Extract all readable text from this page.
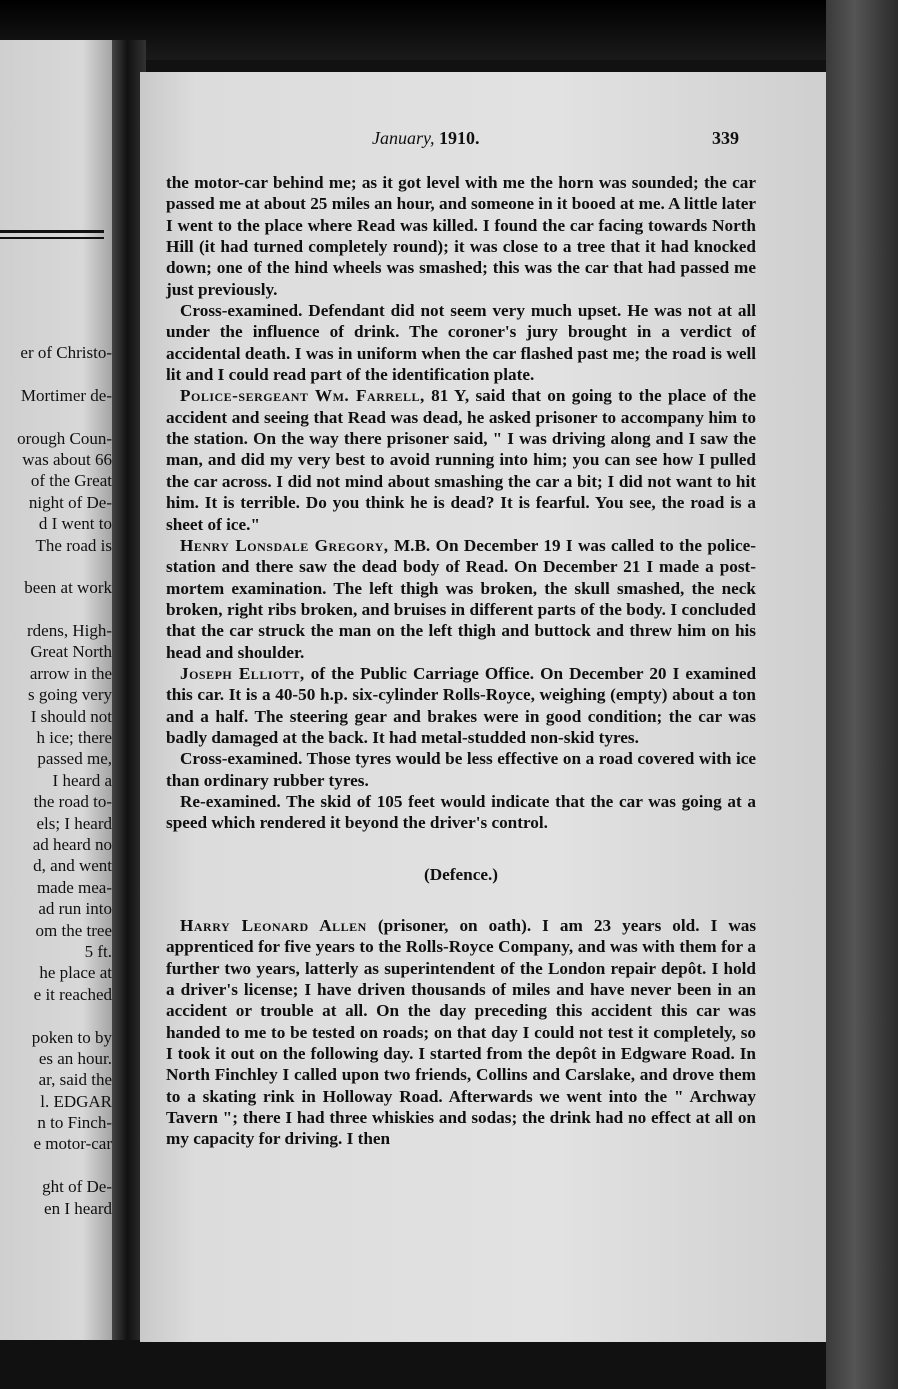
er of Christo-
Mortimer de-
orough Coun-
was about 66
of the Great
night of De-
d I went to
The road is
been at work
rdens, High-
Great North
arrow in the
s going very
I should not
h ice; there
passed me,
I heard a
the road to-
els; I heard
ad heard no
d, and went
made mea-
ad run into
om the tree
5 ft.
he place at
e it reached
poken to by
es an hour.
ar, said the
l. EDGAR
n to Finch-
e motor-car
ght of De-
en I heard
January, 1910.	339

the motor-car behind me; as it got level with me the horn was sounded; the car passed me at about 25 miles an hour, and someone in it booed at me. A little later I went to the place where Read was killed. I found the car facing towards North Hill (it had turned completely round); it was close to a tree that it had knocked down; one of the hind wheels was smashed; this was the car that had passed me just previously.

Cross-examined. Defendant did not seem very much upset. He was not at all under the influence of drink. The coroner's jury brought in a verdict of accidental death. I was in uniform when the car flashed past me; the road is well lit and I could read part of the identification plate.

Police-sergeant Wm. Farrell, 81 Y, said that on going to the place of the accident and seeing that Read was dead, he asked prisoner to accompany him to the station. On the way there prisoner said, " I was driving along and I saw the man, and did my very best to avoid running into him; you can see how I pulled the car across. I did not mind about smashing the car a bit; I did not want to hit him. It is terrible. Do you think he is dead? It is fearful. You see, the road is a sheet of ice."

Henry Lonsdale Gregory, M.B. On December 19 I was called to the police-station and there saw the dead body of Read. On December 21 I made a post-mortem examination. The left thigh was broken, the skull smashed, the neck broken, right ribs broken, and bruises in different parts of the body. I concluded that the car struck the man on the left thigh and buttock and threw him on his head and shoulder.

Joseph Elliott, of the Public Carriage Office. On December 20 I examined this car. It is a 40-50 h.p. six-cylinder Rolls-Royce, weighing (empty) about a ton and a half. The steering gear and brakes were in good condition; the car was badly damaged at the back. It had metal-studded non-skid tyres.

Cross-examined. Those tyres would be less effective on a road covered with ice than ordinary rubber tyres.

Re-examined. The skid of 105 feet would indicate that the car was going at a speed which rendered it beyond the driver's control.

(Defence.)

Harry Leonard Allen (prisoner, on oath). I am 23 years old. I was apprenticed for five years to the Rolls-Royce Company, and was with them for a further two years, latterly as superintendent of the London repair depôt. I hold a driver's license; I have driven thousands of miles and have never been in an accident or trouble at all. On the day preceding this accident this car was handed to me to be tested on roads; on that day I could not test it completely, so I took it out on the following day. I started from the depôt in Edgware Road. In North Finchley I called upon two friends, Collins and Carslake, and drove them to a skating rink in Holloway Road. Afterwards we went into the " Archway Tavern "; there I had three whiskies and sodas; the drink had no effect at all on my capacity for driving. I then
